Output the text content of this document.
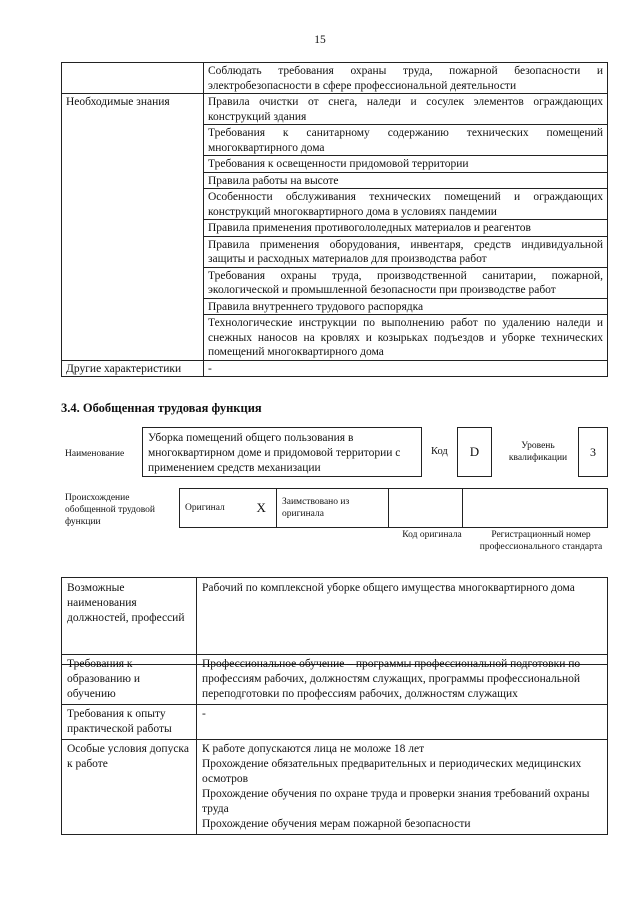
15
	Соблюдать требования охраны труда, пожарной безопасности и электробезопасности в сфере профессиональной деятельности
Необходимые знания	Правила очистки от снега, наледи и сосулек элементов ограждающих конструкций здания
	Требования к санитарному содержанию технических помещений многоквартирного дома
	Требования к освещенности придомовой территории
	Правила работы на высоте
	Особенности обслуживания технических помещений и ограждающих конструкций многоквартирного дома в условиях пандемии
	Правила применения противогололедных материалов и реагентов
	Правила применения оборудования, инвентаря, средств индивидуальной защиты и расходных материалов для производства работ
	Требования охраны труда, производственной санитарии, пожарной, экологической и промышленной безопасности при производстве работ
	Правила внутреннего трудового распорядка
	Технологические инструкции по выполнению работ по удалению наледи и снежных наносов на кровлях и козырьках подъездов и уборке технических помещений многоквартирного дома
Другие характеристики	-
3.4. Обобщенная трудовая функция
Наименование
Уборка помещений общего пользования в многоквартирном доме и придомовой территории с применением средств механизации
Код	D	Уровень квалификации	3
Происхождение обобщенной трудовой функции
Оригинал	X	Заимствовано из оригинала		
Код оригинала	Регистрационный номер профессионального стандарта
Возможные наименования должностей, профессий	Рабочий по комплексной уборке общего имущества многоквартирного дома
Требования к образованию и обучению	Профессиональное обучение – программы профессиональной подготовки по профессиям рабочих, должностям служащих, программы профессиональной переподготовки по профессиям рабочих, должностям служащих
Требования к опыту практической работы	-
Особые условия допуска к работе	К работе допускаются лица не моложе 18 лет
Прохождение обязательных предварительных и периодических медицинских осмотров
Прохождение обучения по охране труда и проверки знания требований охраны труда
Прохождение обучения мерам пожарной безопасности
